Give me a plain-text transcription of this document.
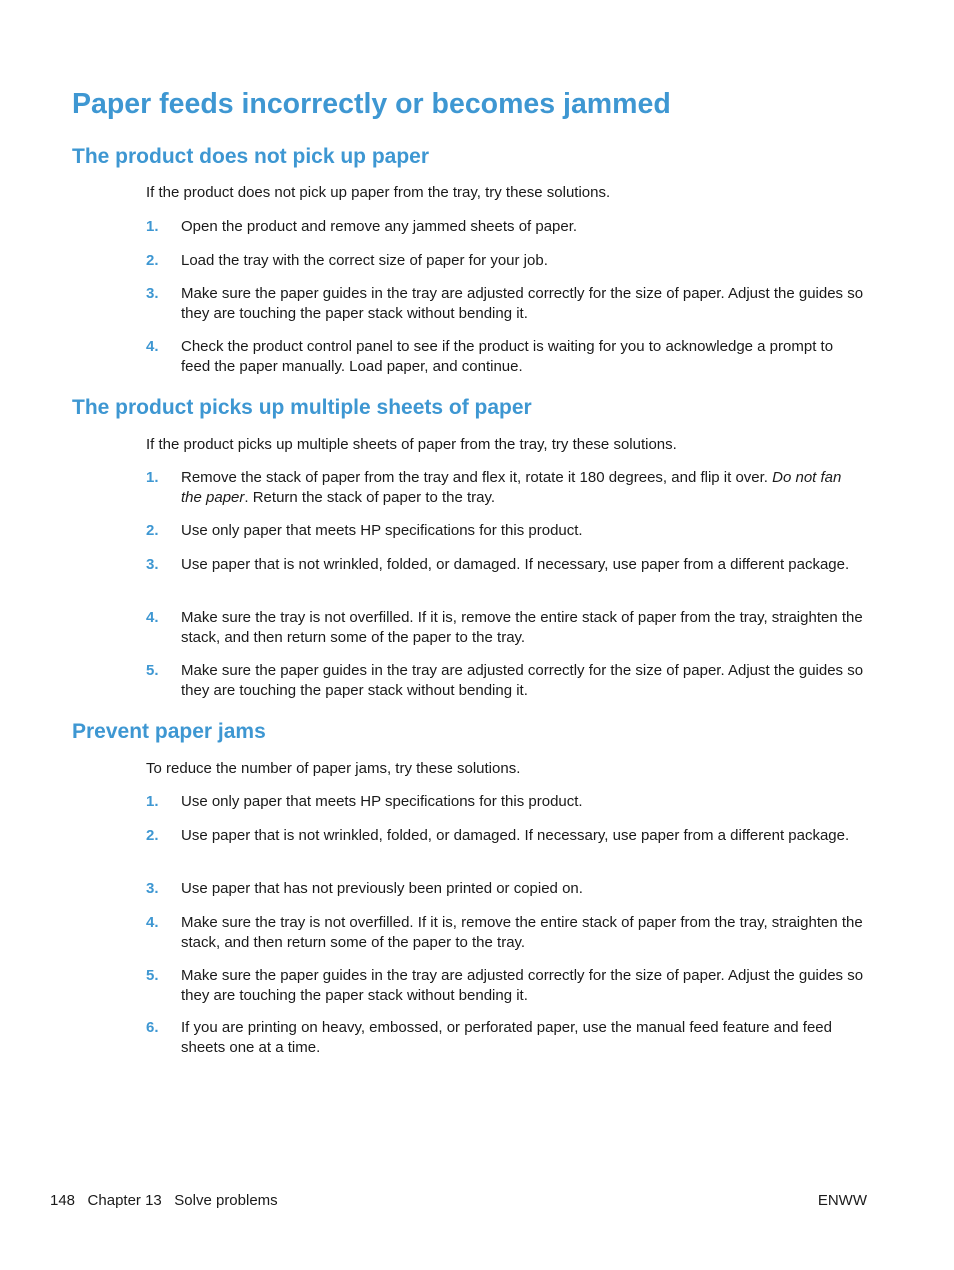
Paper feeds incorrectly or becomes jammed
The product does not pick up paper

If the product does not pick up paper from the tray, try these solutions.

1. Open the product and remove any jammed sheets of paper.
2. Load the tray with the correct size of paper for your job.
3. Make sure the paper guides in the tray are adjusted correctly for the size of paper. Adjust the guides so they are touching the paper stack without bending it.
4. Check the product control panel to see if the product is waiting for you to acknowledge a prompt to feed the paper manually. Load paper, and continue.
The product picks up multiple sheets of paper

If the product picks up multiple sheets of paper from the tray, try these solutions.

1. Remove the stack of paper from the tray and flex it, rotate it 180 degrees, and flip it over. Do not fan the paper. Return the stack of paper to the tray.
2. Use only paper that meets HP specifications for this product.
3. Use paper that is not wrinkled, folded, or damaged. If necessary, use paper from a different package.
4. Make sure the tray is not overfilled. If it is, remove the entire stack of paper from the tray, straighten the stack, and then return some of the paper to the tray.
5. Make sure the paper guides in the tray are adjusted correctly for the size of paper. Adjust the guides so they are touching the paper stack without bending it.
Prevent paper jams

To reduce the number of paper jams, try these solutions.

1. Use only paper that meets HP specifications for this product.
2. Use paper that is not wrinkled, folded, or damaged. If necessary, use paper from a different package.
3. Use paper that has not previously been printed or copied on.
4. Make sure the tray is not overfilled. If it is, remove the entire stack of paper from the tray, straighten the stack, and then return some of the paper to the tray.
5. Make sure the paper guides in the tray are adjusted correctly for the size of paper. Adjust the guides so they are touching the paper stack without bending it.
6. If you are printing on heavy, embossed, or perforated paper, use the manual feed feature and feed sheets one at a time.
148 Chapter 13 Solve problems	ENWW
